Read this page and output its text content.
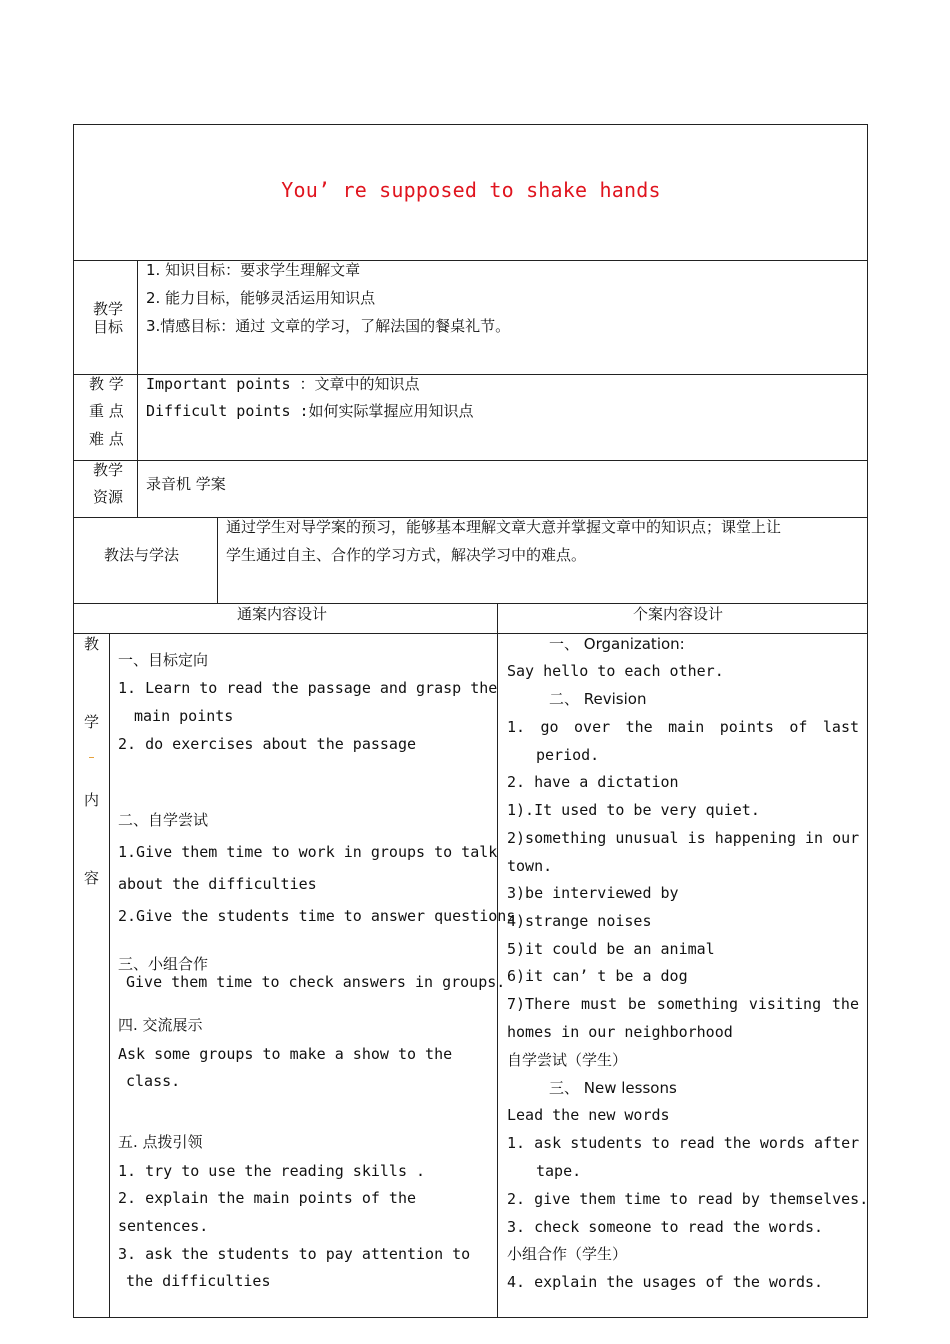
You’ re supposed to shake hands
教学
目标
1. 知识目标：要求学生理解文章
2. 能力目标，能够灵活运用知识点
3.情感目标：通过 文章的学习，了解法国的餐桌礼节。
教 学
重 点
难 点
Important points ：文章中的知识点
Difficult points :如何实际掌握应用知识点
教学
资源
录音机 学案
教法与学法
通过学生对导学案的预习，能够基本理解文章大意并掌握文章中的知识点；课堂上让
学生通过自主、合作的学习方式，解决学习中的难点。
通案内容设计	个案内容设计
教
学
内
容
一、目标定向
1. Learn to read the passage and grasp the
main points
2. do exercises about the passage
二、自学尝试
1.Give them time to work in groups to talk
about the difficulties
2.Give the students time to answer questions
三、小组合作
Give them time to check answers in groups.
四. 交流展示
Ask some groups to make a show to the
class.
五. 点拨引领
1. try to use the reading skills .
2. explain the main points of the
sentences.
3. ask the students to pay attention to
the difficulties
一、 Organization:
Say hello to each other.
二、 Revision
1. go over the main points of last
period.
2. have a dictation
1).It used to be very quiet.
2)something unusual is happening in our
town.
3)be interviewed by
4)strange noises
5)it could be an animal
6)it can’ t be a dog
7)There must be something visiting the
homes in our neighborhood
自学尝试（学生）
三、 New lessons
Lead the new words
1. ask students to read the words after
tape.
2. give them time to read by themselves.
3. check someone to read the words.
小组合作（学生）
4. explain the usages of the words.
